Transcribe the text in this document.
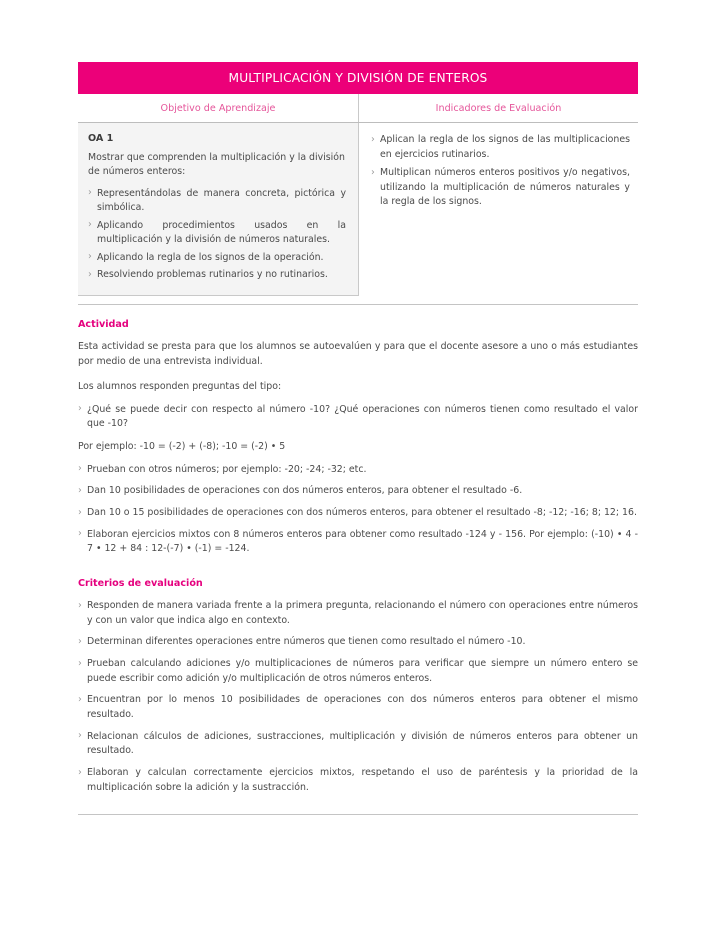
MULTIPLICACIÓN Y DIVISIÓN DE ENTEROS
Objetivo de Aprendizaje	Indicadores de Evaluación
OA 1

Mostrar que comprenden la multiplicación y la división de números enteros:

› Representándolas de manera concreta, pictórica y simbólica.
› Aplicando procedimientos usados en la multiplicación y la división de números naturales.
› Aplicando la regla de los signos de la operación.
› Resolviendo problemas rutinarios y no rutinarios.
› Aplican la regla de los signos de las multiplicaciones en ejercicios rutinarios.
› Multiplican números enteros positivos y/o negativos, utilizando la multiplicación de números naturales y la regla de los signos.
Actividad

Esta actividad se presta para que los alumnos se autoevalúen y para que el docente asesore a uno o más estudiantes por medio de una entrevista individual.

Los alumnos responden preguntas del tipo:

› ¿Qué se puede decir con respecto al número -10? ¿Qué operaciones con números tienen como resultado el valor que -10?

Por ejemplo: -10 = (-2) + (-8); -10 = (-2) • 5

› Prueban con otros números; por ejemplo: -20; -24; -32; etc.
› Dan 10 posibilidades de operaciones con dos números enteros, para obtener el resultado -6.
› Dan 10 o 15 posibilidades de operaciones con dos números enteros, para obtener el resultado -8; -12; -16; 8; 12; 16.
› Elaboran ejercicios mixtos con 8 números enteros para obtener como resultado -124 y - 156. Por ejemplo: (-10) • 4 - 7 • 12 + 84 : 12-(-7) • (-1) = -124.
Criterios de evaluación
› Responden de manera variada frente a la primera pregunta, relacionando el número con operaciones entre números y con un valor que indica algo en contexto.
› Determinan diferentes operaciones entre números que tienen como resultado el número -10.
› Prueban calculando adiciones y/o multiplicaciones de números para verificar que siempre un número entero se puede escribir como adición y/o multiplicación de otros números enteros.
› Encuentran por lo menos 10 posibilidades de operaciones con dos números enteros para obtener el mismo resultado.
› Relacionan cálculos de adiciones, sustracciones, multiplicación y división de números enteros para obtener un resultado.
› Elaboran y calculan correctamente ejercicios mixtos, respetando el uso de paréntesis y la prioridad de la multiplicación sobre la adición y la sustracción.
